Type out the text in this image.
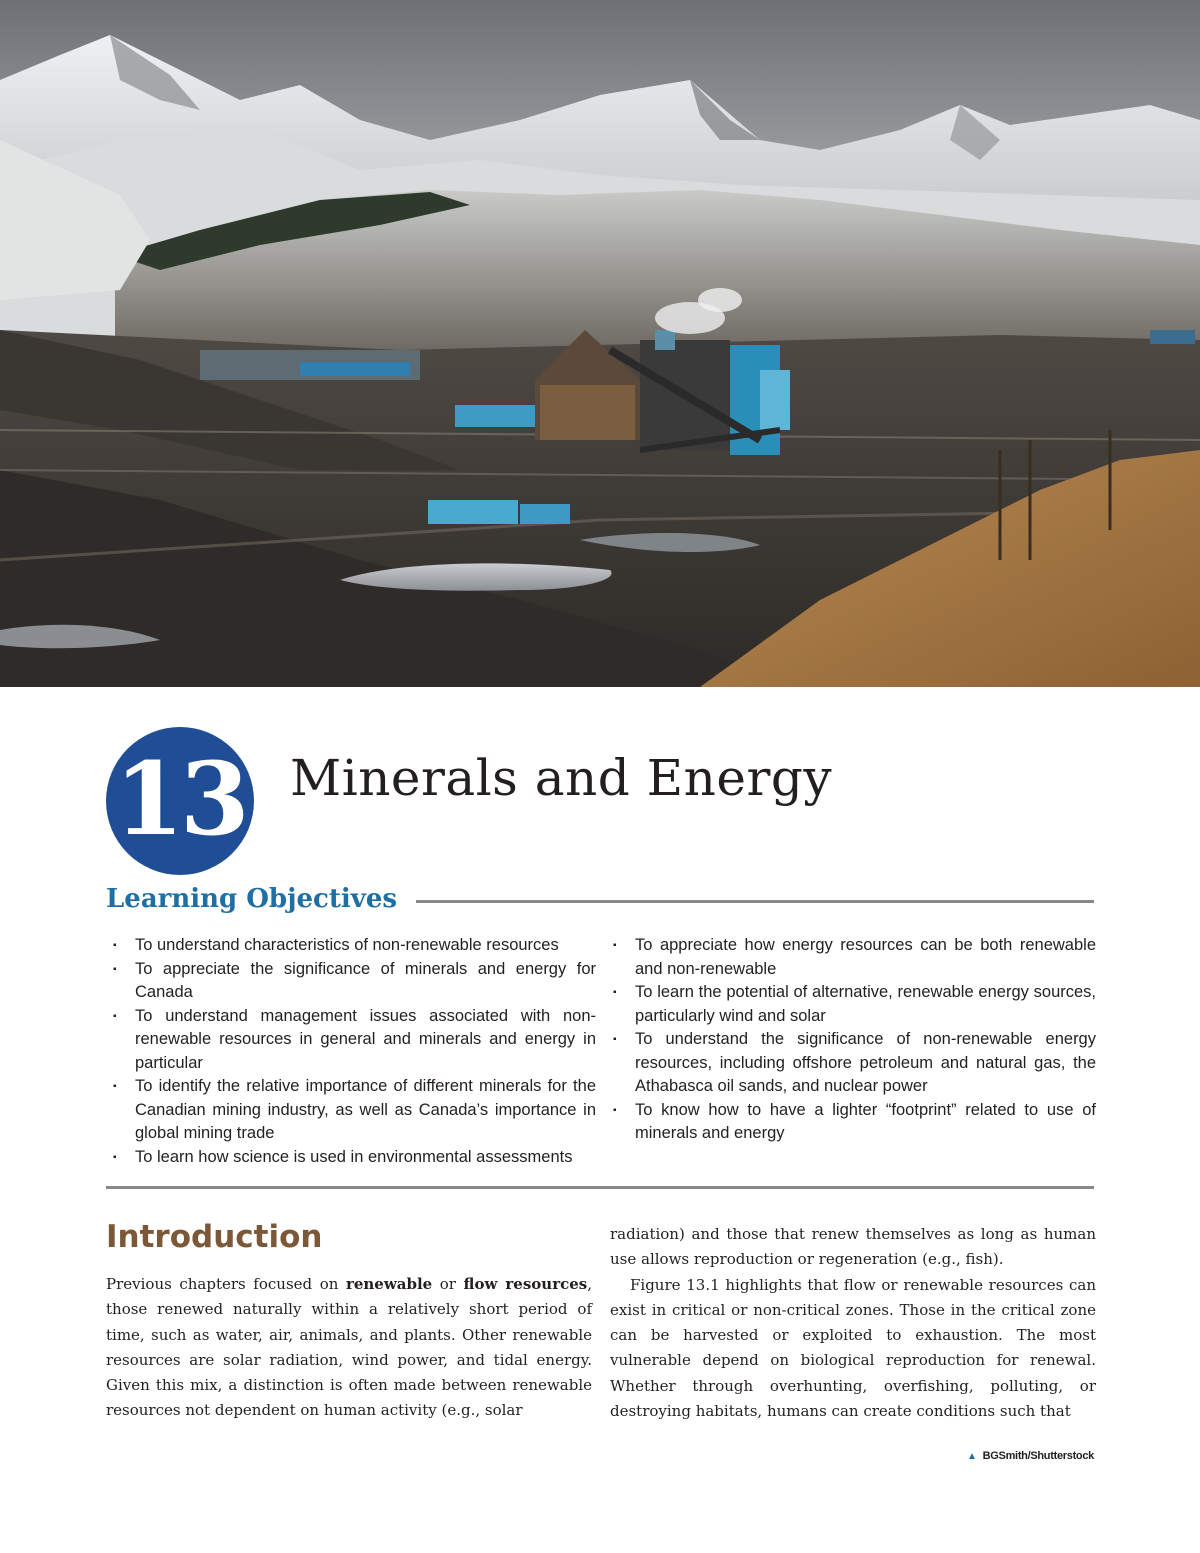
13 Minerals and Energy
Learning Objectives
▪ To understand characteristics of non-renewable resources
▪ To appreciate the significance of minerals and energy for Canada
▪ To understand management issues associated with non-renewable resources in general and minerals and energy in particular
▪ To identify the relative importance of different minerals for the Canadian mining industry, as well as Canada’s importance in global mining trade
▪ To learn how science is used in environmental assessments
▪ To appreciate how energy resources can be both renewable and non-renewable
▪ To learn the potential of alternative, renewable energy sources, particularly wind and solar
▪ To understand the significance of non-renewable energy resources, including offshore petroleum and natural gas, the Athabasca oil sands, and nuclear power
▪ To know how to have a lighter “footprint” related to use of minerals and energy
Introduction

Previous chapters focused on renewable or flow resources, those renewed naturally within a relatively short period of time, such as water, air, animals, and plants. Other renewable resources are solar radiation, wind power, and tidal energy. Given this mix, a distinction is often made between renewable resources not dependent on human activity (e.g., solar

radiation) and those that renew themselves as long as human use allows reproduction or regeneration (e.g., fish).
Figure 13.1 highlights that flow or renewable resources can exist in critical or non-critical zones. Those in the critical zone can be harvested or exploited to exhaustion. The most vulnerable depend on biological reproduction for renewal. Whether through overhunting, overfishing, polluting, or destroying habitats, humans can create conditions such that
▲ BGSmith/Shutterstock
